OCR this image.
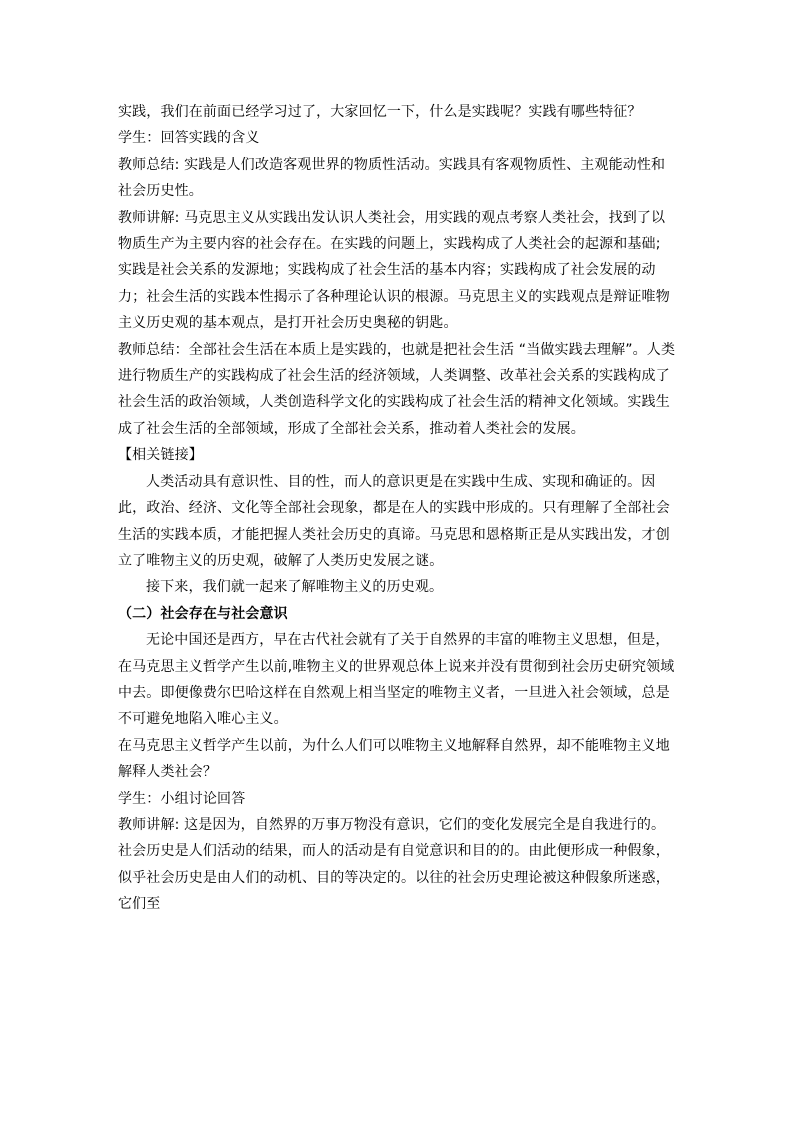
实践，我们在前面已经学习过了，大家回忆一下，什么是实践呢？实践有哪些特征？

学生：回答实践的含义

教师总结: 实践是人们改造客观世界的物质性活动。实践具有客观物质性、主观能动性和社会历史性。

教师讲解: 马克思主义从实践出发认识人类社会，用实践的观点考察人类社会，找到了以物质生产为主要内容的社会存在。在实践的问题上，实践构成了人类社会的起源和基础; 实践是社会关系的发源地；实践构成了社会生活的基本内容；实践构成了社会发展的动力；社会生活的实践本性揭示了各种理论认识的根源。马克思主义的实践观点是辩证唯物主义历史观的基本观点，是打开社会历史奥秘的钥匙。

教师总结：全部社会生活在本质上是实践的，也就是把社会生活 “当做实践去理解”。人类进行物质生产的实践构成了社会生活的经济领域，人类调整、改革社会关系的实践构成了社会生活的政治领域，人类创造科学文化的实践构成了社会生活的精神文化领域。实践生成了社会生活的全部领域，形成了全部社会关系，推动着人类社会的发展。

【相关链接】

人类活动具有意识性、目的性，而人的意识更是在实践中生成、实现和确证的。因此，政治、经济、文化等全部社会现象，都是在人的实践中形成的。只有理解了全部社会生活的实践本质，才能把握人类社会历史的真谛。马克思和恩格斯正是从实践出发，才创立了唯物主义的历史观，破解了人类历史发展之谜。

接下来，我们就一起来了解唯物主义的历史观。

（二）社会存在与社会意识

无论中国还是西方，早在古代社会就有了关于自然界的丰富的唯物主义思想，但是，在马克思主义哲学产生以前,唯物主义的世界观总体上说来并没有贯彻到社会历史研究领域中去。即便像费尔巴哈这样在自然观上相当坚定的唯物主义者，一旦进入社会领域，总是不可避免地陷入唯心主义。

在马克思主义哲学产生以前，为什么人们可以唯物主义地解释自然界，却不能唯物主义地解释人类社会？

学生：小组讨论回答

教师讲解: 这是因为，自然界的万事万物没有意识，它们的变化发展完全是自我进行的。社会历史是人们活动的结果，而人的活动是有自觉意识和目的的。由此便形成一种假象，似乎社会历史是由人们的动机、目的等决定的。以往的社会历史理论被这种假象所迷惑，它们至
